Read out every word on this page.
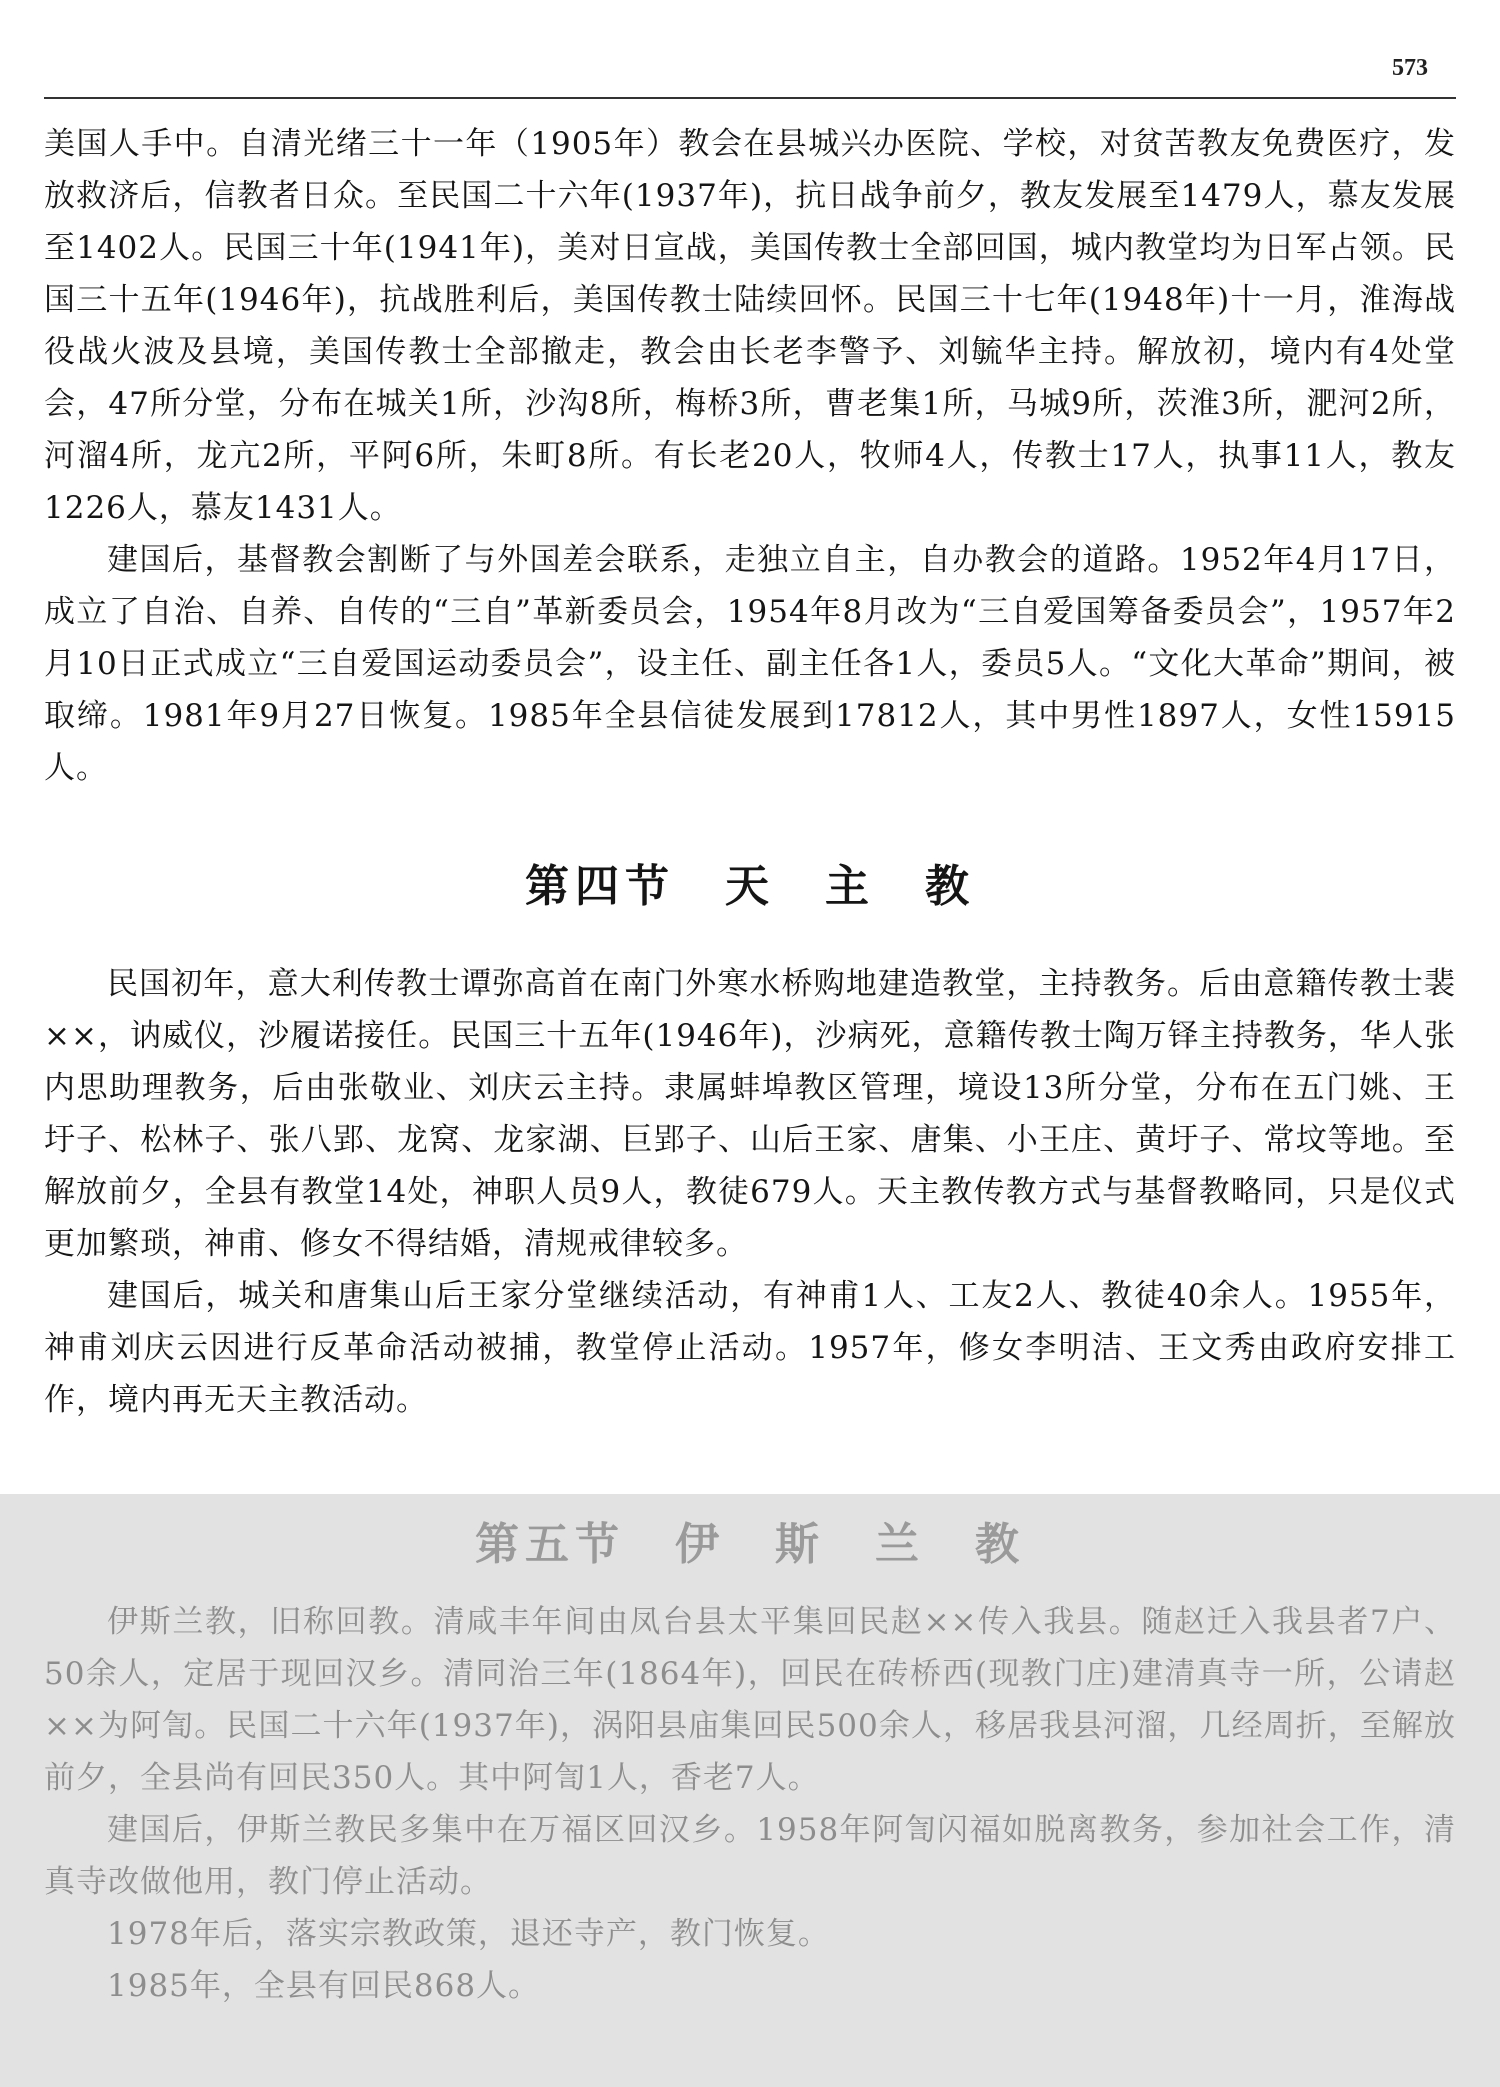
573

美国人手中。自清光绪三十一年（1905年）教会在县城兴办医院、学校，对贫苦教友免费医疗，发放救济后，信教者日众。至民国二十六年(1937年)，抗日战争前夕，教友发展至1479人，慕友发展至1402人。民国三十年(1941年)，美对日宣战，美国传教士全部回国，城内教堂均为日军占领。民国三十五年(1946年)，抗战胜利后，美国传教士陆续回怀。民国三十七年(1948年)十一月，淮海战役战火波及县境，美国传教士全部撤走，教会由长老李警予、刘毓华主持。解放初，境内有4处堂会，47所分堂，分布在城关1所，沙沟8所，梅桥3所，曹老集1所，马城9所，茨淮3所，淝河2所，河溜4所，龙亢2所，平阿6所，朱町8所。有长老20人，牧师4人，传教士17人，执事11人，教友1226人，慕友1431人。

建国后，基督教会割断了与外国差会联系，走独立自主，自办教会的道路。1952年4月17日，成立了自治、自养、自传的“三自”革新委员会，1954年8月改为“三自爱国筹备委员会”，1957年2月10日正式成立“三自爱国运动委员会”，设主任、副主任各1人，委员5人。“文化大革命”期间，被取缔。1981年9月27日恢复。1985年全县信徒发展到17812人，其中男性1897人，女性15915人。

第四节　天　主　教

民国初年，意大利传教士谭弥高首在南门外寒水桥购地建造教堂，主持教务。后由意籍传教士裴××，讷威仪，沙履诺接任。民国三十五年(1946年)，沙病死，意籍传教士陶万铎主持教务，华人张内思助理教务，后由张敬业、刘庆云主持。隶属蚌埠教区管理，境设13所分堂，分布在五门姚、王圩子、松林子、张八郢、龙窝、龙家湖、巨郢子、山后王家、唐集、小王庄、黄圩子、常坟等地。至解放前夕，全县有教堂14处，神职人员9人，教徒679人。天主教传教方式与基督教略同，只是仪式更加繁琐，神甫、修女不得结婚，清规戒律较多。

建国后，城关和唐集山后王家分堂继续活动，有神甫1人、工友2人、教徒40余人。1955年，神甫刘庆云因进行反革命活动被捕，教堂停止活动。1957年，修女李明洁、王文秀由政府安排工作，境内再无天主教活动。

第五节　伊　斯　兰　教

伊斯兰教，旧称回教。清咸丰年间由凤台县太平集回民赵××传入我县。随赵迁入我县者7户、50余人，定居于现回汉乡。清同治三年(1864年)，回民在砖桥西(现教门庄)建清真寺一所，公请赵××为阿訇。民国二十六年(1937年)，涡阳县庙集回民500余人，移居我县河溜，几经周折，至解放前夕，全县尚有回民350人。其中阿訇1人，香老7人。

建国后，伊斯兰教民多集中在万福区回汉乡。1958年阿訇闪福如脱离教务，参加社会工作，清真寺改做他用，教门停止活动。

1978年后，落实宗教政策，退还寺产，教门恢复。

1985年，全县有回民868人。
